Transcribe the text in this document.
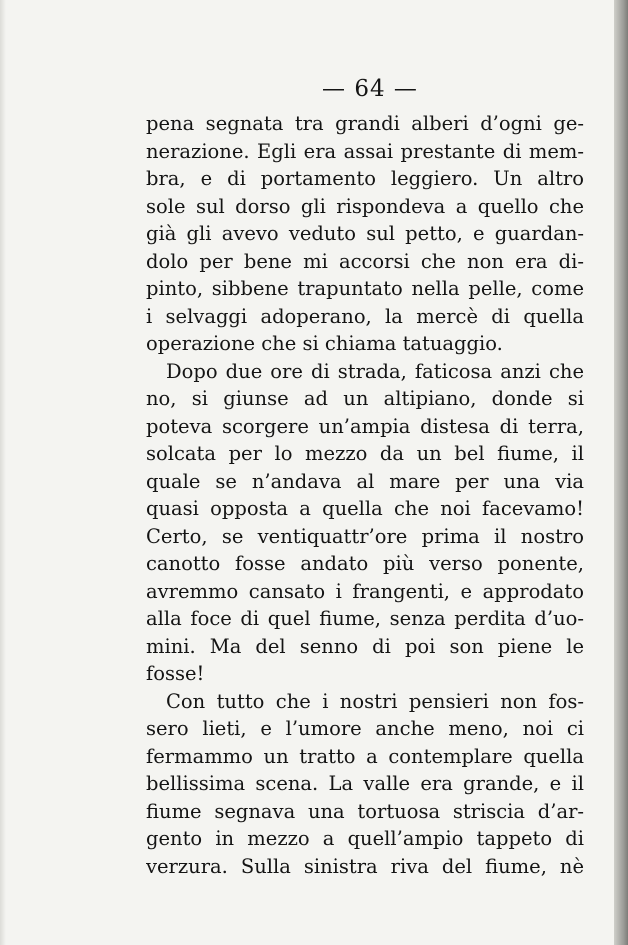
— 64 —
pena segnata tra grandi alberi d’ogni ge-
nerazione. Egli era assai prestante di mem-
bra, e di portamento leggiero. Un altro
sole sul dorso gli rispondeva a quello che
già gli avevo veduto sul petto, e guardan-
dolo per bene mi accorsi che non era di-
pinto, sibbene trapuntato nella pelle, come
i selvaggi adoperano, la mercè di quella
operazione che si chiama tatuaggio.
Dopo due ore di strada, faticosa anzi che
no, si giunse ad un altipiano, donde si
poteva scorgere un’ampia distesa di terra,
solcata per lo mezzo da un bel fiume, il
quale se n’andava al mare per una via
quasi opposta a quella che noi facevamo!
Certo, se ventiquattr’ore prima il nostro
canotto fosse andato più verso ponente,
avremmo cansato i frangenti, e approdato
alla foce di quel fiume, senza perdita d’uo-
mini. Ma del senno di poi son piene le
fosse!
Con tutto che i nostri pensieri non fos-
sero lieti, e l’umore anche meno, noi ci
fermammo un tratto a contemplare quella
bellissima scena. La valle era grande, e il
fiume segnava una tortuosa striscia d’ar-
gento in mezzo a quell’ampio tappeto di
verzura. Sulla sinistra riva del fiume, nè
